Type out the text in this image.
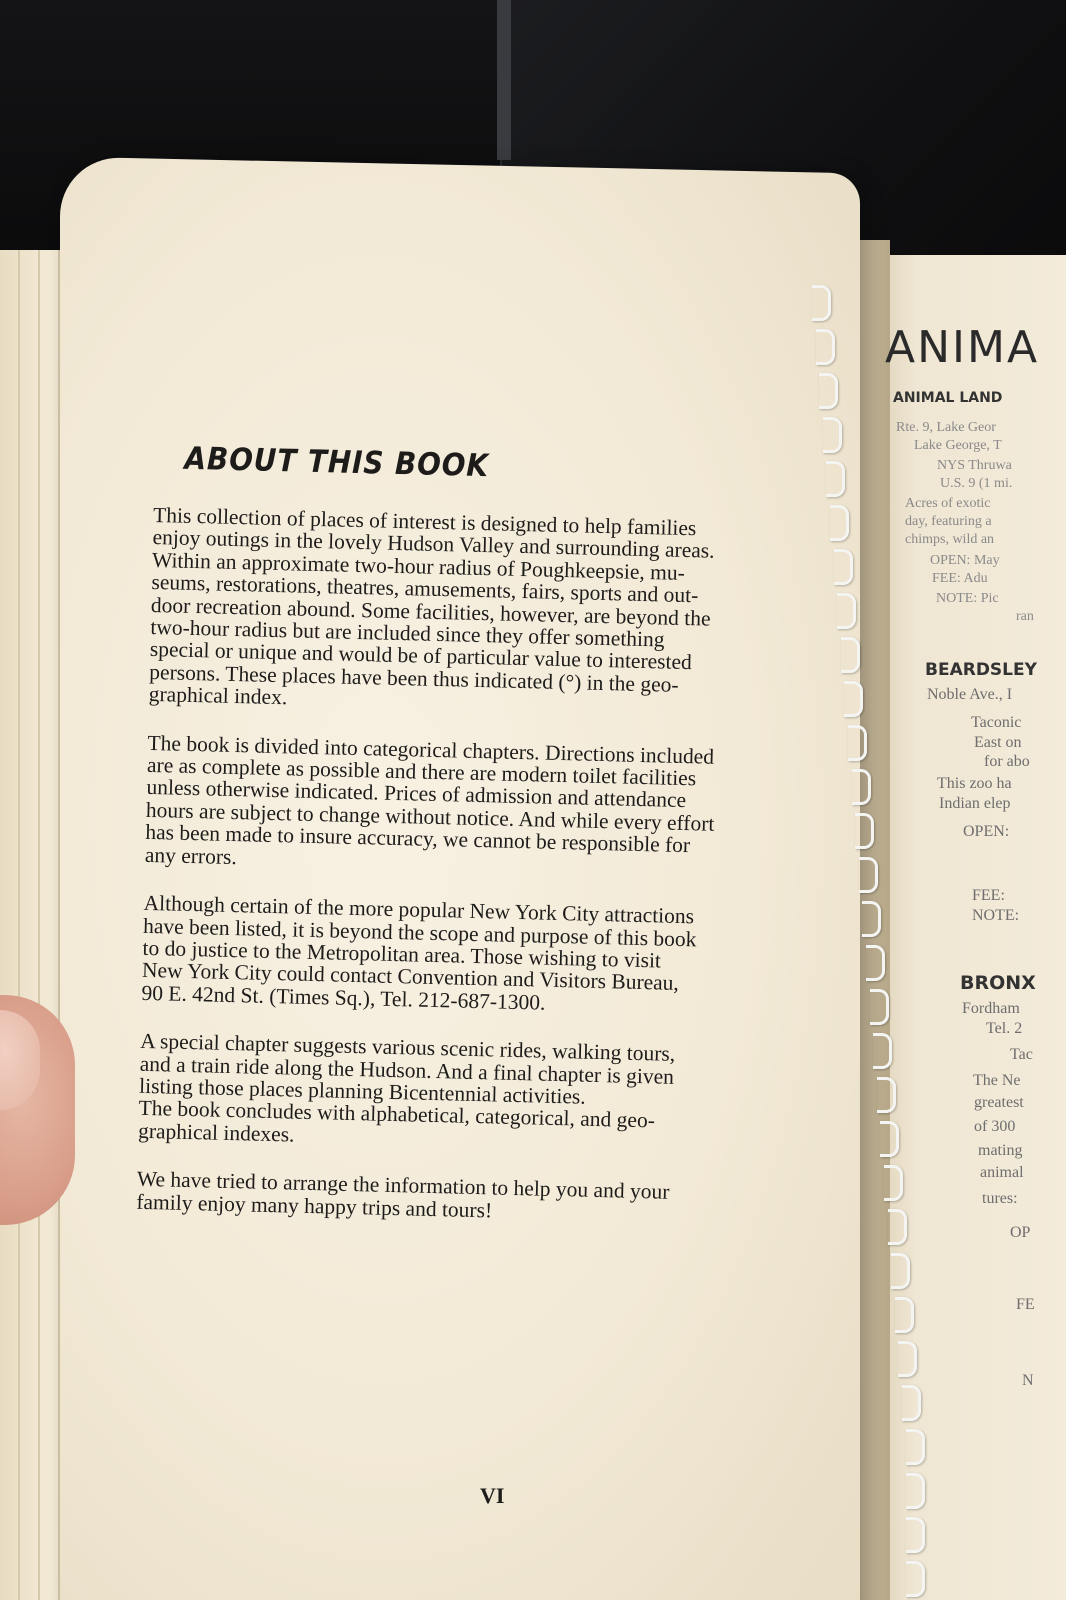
ABOUT THIS BOOK

This collection of places of interest is designed to help families
enjoy outings in the lovely Hudson Valley and surrounding areas.
Within an approximate two-hour radius of Poughkeepsie, mu-
seums, restorations, theatres, amusements, fairs, sports and out-
door recreation abound. Some facilities, however, are beyond the
two-hour radius but are included since they offer something
special or unique and would be of particular value to interested
persons. These places have been thus indicated (°) in the geo-
graphical index.

The book is divided into categorical chapters. Directions included
are as complete as possible and there are modern toilet facilities
unless otherwise indicated. Prices of admission and attendance
hours are subject to change without notice. And while every effort
has been made to insure accuracy, we cannot be responsible for
any errors.

Although certain of the more popular New York City attractions
have been listed, it is beyond the scope and purpose of this book
to do justice to the Metropolitan area. Those wishing to visit
New York City could contact Convention and Visitors Bureau,
90 E. 42nd St. (Times Sq.), Tel. 212-687-1300.

A special chapter suggests various scenic rides, walking tours,
and a train ride along the Hudson. And a final chapter is given
listing those places planning Bicentennial activities.
The book concludes with alphabetical, categorical, and geo-
graphical indexes.

We have tried to arrange the information to help you and your
family enjoy many happy trips and tours!

VI
ANIMA
ANIMAL LAND
BEARDSLEY
BRONX
Rte. 9, Lake Geor
Lake George, T
NYS Thruwa
U.S. 9 (1 mi.
Acres of exotic
day, featuring a
chimps, wild an
OPEN: May
FEE: Adu
NOTE: Pic
ran
Noble Ave., I
Taconic
East on
for abo
This zoo ha
Indian elep
OPEN:
FEE:
NOTE:
Fordham
Tel. 2
Tac
The Ne
greatest
of 300
mating
animal
tures:
OP
FE
N
